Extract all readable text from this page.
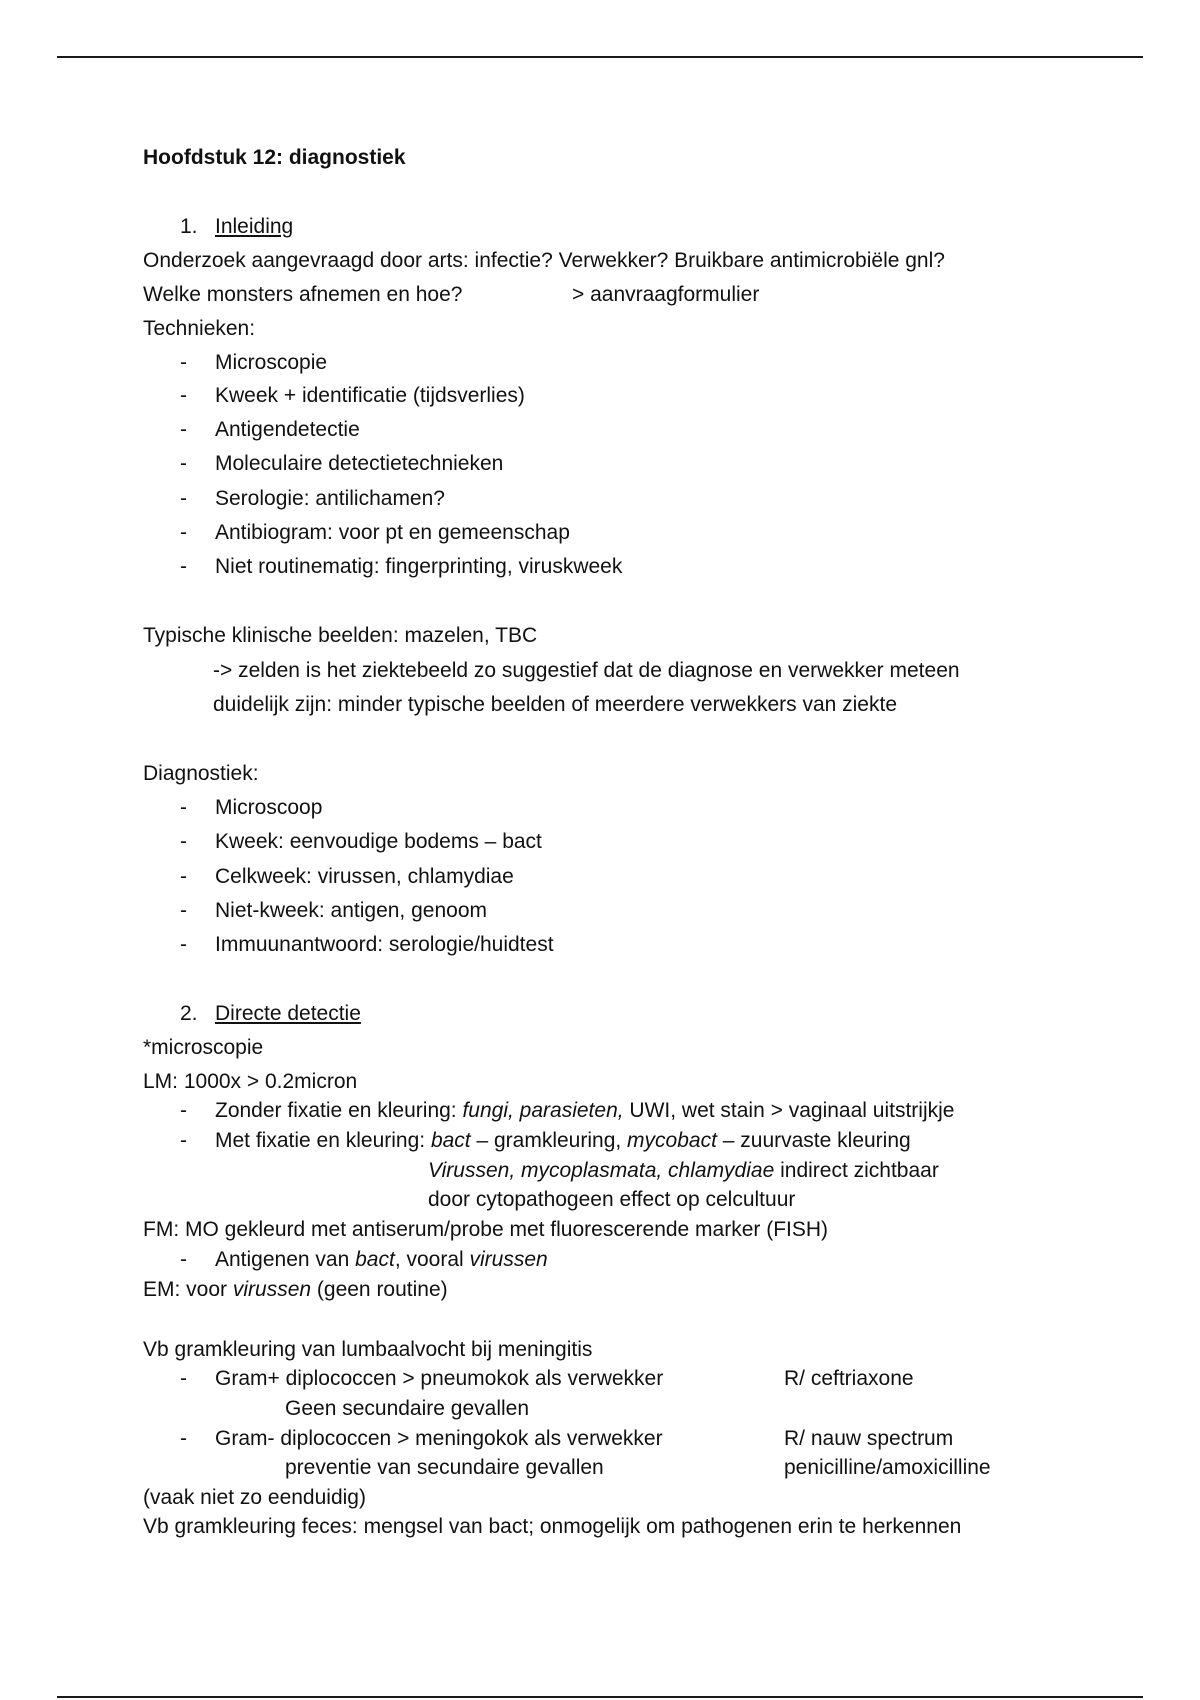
Hoofdstuk 12: diagnostiek
1. Inleiding
Onderzoek aangevraagd door arts: infectie? Verwekker? Bruikbare antimicrobiële gnl?
Welke monsters afnemen en hoe?	> aanvraagformulier
Technieken:
- Microscopie
- Kweek + identificatie (tijdsverlies)
- Antigendetectie
- Moleculaire detectietechnieken
- Serologie: antilichamen?
- Antibiogram: voor pt en gemeenschap
- Niet routinematig: fingerprinting, viruskweek
Typische klinische beelden: mazelen, TBC
-> zelden is het ziektebeeld zo suggestief dat de diagnose en verwekker meteen
duidelijk zijn: minder typische beelden of meerdere verwekkers van ziekte
Diagnostiek:
- Microscoop
- Kweek: eenvoudige bodems – bact
- Celkweek: virussen, chlamydiae
- Niet-kweek: antigen, genoom
- Immuunantwoord: serologie/huidtest
2. Directe detectie
*microscopie
LM: 1000x > 0.2micron
- Zonder fixatie en kleuring: fungi, parasieten, UWI, wet stain > vaginaal uitstrijkje
- Met fixatie en kleuring: bact – gramkleuring, mycobact – zuurvaste kleuring
Virussen, mycoplasmata, chlamydiae indirect zichtbaar
door cytopathogeen effect op celcultuur
FM: MO gekleurd met antiserum/probe met fluorescerende marker (FISH)
- Antigenen van bact, vooral virussen
EM: voor virussen (geen routine)
Vb gramkleuring van lumbaalvocht bij meningitis
- Gram+ diplococcen > pneumokok als verwekker	R/ ceftriaxone
Geen secundaire gevallen
- Gram- diplococcen > meningokok als verwekker	R/ nauw spectrum
preventie van secundaire gevallen	penicilline/amoxicilline
(vaak niet zo eenduidig)
Vb gramkleuring feces: mengsel van bact; onmogelijk om pathogenen erin te herkennen
